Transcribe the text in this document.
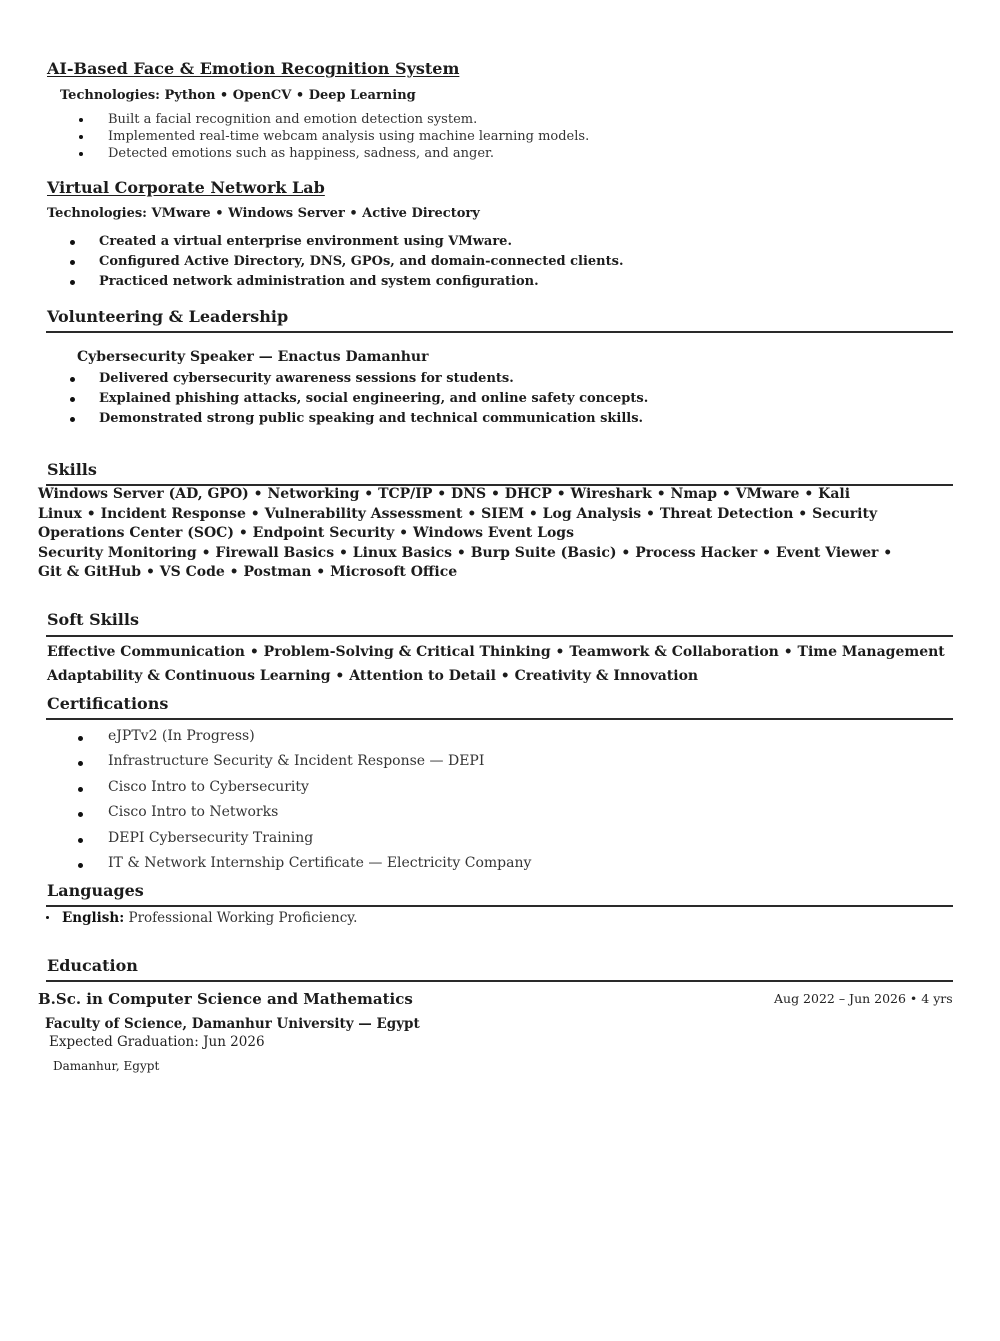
AI-Based Face & Emotion Recognition System
Technologies: Python • OpenCV • Deep Learning
Built a facial recognition and emotion detection system.
Implemented real-time webcam analysis using machine learning models.
Detected emotions such as happiness, sadness, and anger.
Virtual Corporate Network Lab
Technologies: VMware • Windows Server • Active Directory
Created a virtual enterprise environment using VMware.
Configured Active Directory, DNS, GPOs, and domain-connected clients.
Practiced network administration and system configuration.
Volunteering & Leadership
Cybersecurity Speaker — Enactus Damanhur
Delivered cybersecurity awareness sessions for students.
Explained phishing attacks, social engineering, and online safety concepts.
Demonstrated strong public speaking and technical communication skills.
Skills
Windows Server (AD, GPO) • Networking • TCP/IP • DNS • DHCP • Wireshark • Nmap • VMware • Kali
Linux • Incident Response • Vulnerability Assessment • SIEM • Log Analysis • Threat Detection • Security
Operations Center (SOC) • Endpoint Security • Windows Event Logs
Security Monitoring • Firewall Basics • Linux Basics • Burp Suite (Basic) • Process Hacker • Event Viewer •
Git & GitHub • VS Code • Postman • Microsoft Office
Soft Skills
Effective Communication • Problem-Solving & Critical Thinking • Teamwork & Collaboration • Time Management
Adaptability & Continuous Learning • Attention to Detail • Creativity & Innovation
Certifications
eJPTv2 (In Progress)
Infrastructure Security & Incident Response — DEPI
Cisco Intro to Cybersecurity
Cisco Intro to Networks
DEPI Cybersecurity Training
IT & Network Internship Certificate — Electricity Company
Languages
English: Professional Working Proficiency.
Education
B.Sc. in Computer Science and Mathematics	Aug 2022 – Jun 2026 • 4 yrs
Faculty of Science, Damanhur University — Egypt
Expected Graduation: Jun 2026
Damanhur, Egypt
